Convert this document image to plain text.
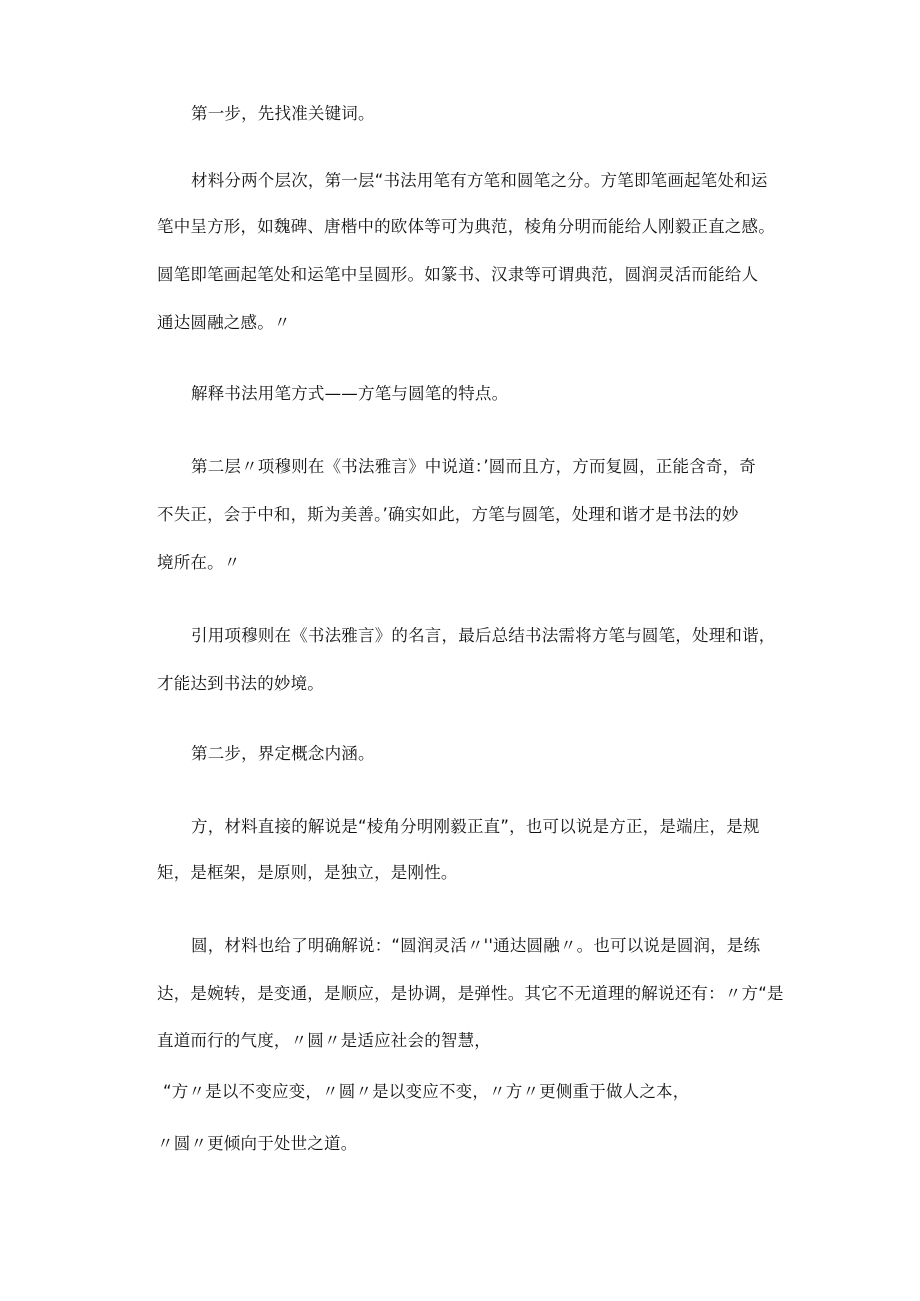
第一步，先找准关键词。
材料分两个层次，第一层“书法用笔有方笔和圆笔之分。方笔即笔画起笔处和运
笔中呈方形，如魏碑、唐楷中的欧体等可为典范，棱角分明而能给人刚毅正直之感。
圆笔即笔画起笔处和运笔中呈圆形。如篆书、汉隶等可谓典范，圆润灵活而能给人
通达圆融之感。〃
解释书法用笔方式——方笔与圆笔的特点。
第二层〃项穆则在《书法雅言》中说道：’圆而且方，方而复圆，正能含奇，奇
不失正，会于中和，斯为美善。’确实如此，方笔与圆笔，处理和谐才是书法的妙
境所在。〃
引用项穆则在《书法雅言》的名言，最后总结书法需将方笔与圆笔，处理和谐，
才能达到书法的妙境。
第二步，界定概念内涵。
方，材料直接的解说是“棱角分明刚毅正直”，也可以说是方正，是端庄，是规
矩，是框架，是原则，是独立，是刚性。
圆，材料也给了明确解说：“圆润灵活〃''通达圆融〃。也可以说是圆润，是练
达，是婉转，是变通，是顺应，是协调，是弹性。其它不无道理的解说还有：〃方“是
直道而行的气度，〃圆〃是适应社会的智慧，
“方〃是以不变应变，〃圆〃是以变应不变，〃方〃更侧重于做人之本，
〃圆〃更倾向于处世之道。
